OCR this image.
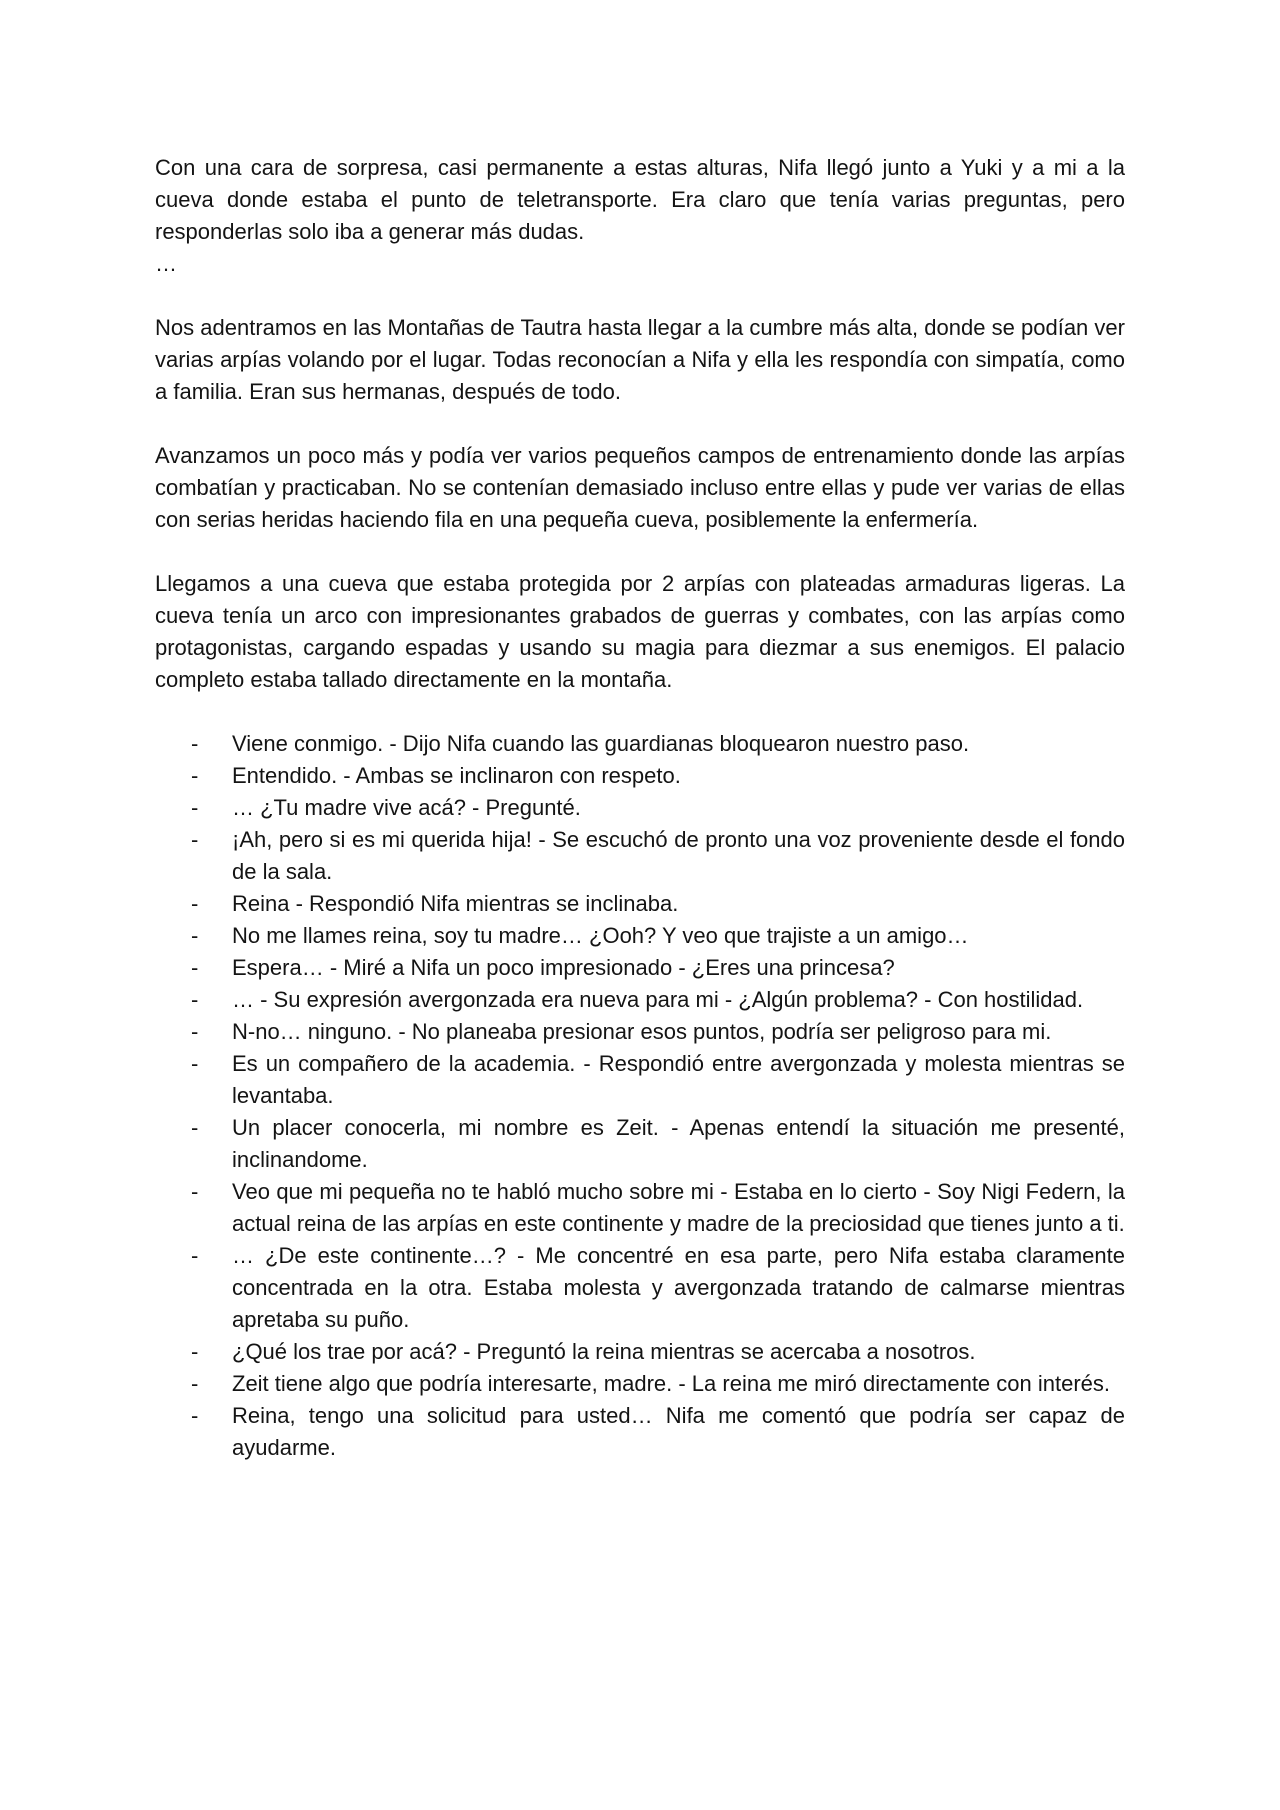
Con una cara de sorpresa, casi permanente a estas alturas, Nifa llegó junto a Yuki y a mi a la cueva donde estaba el punto de teletransporte. Era claro que tenía varias preguntas, pero responderlas solo iba a generar más dudas.

…

Nos adentramos en las Montañas de Tautra hasta llegar a la cumbre más alta, donde se podían ver varias arpías volando por el lugar. Todas reconocían a Nifa y ella les respondía con simpatía, como a familia. Eran sus hermanas, después de todo.

Avanzamos un poco más y podía ver varios pequeños campos de entrenamiento donde las arpías combatían y practicaban. No se contenían demasiado incluso entre ellas y pude ver varias de ellas con serias heridas haciendo fila en una pequeña cueva, posiblemente la enfermería.

Llegamos a una cueva que estaba protegida por 2 arpías con plateadas armaduras ligeras. La cueva tenía un arco con impresionantes grabados de guerras y combates, con las arpías como protagonistas, cargando espadas y usando su magia para diezmar a sus enemigos. El palacio completo estaba tallado directamente en la montaña.

- Viene conmigo. - Dijo Nifa cuando las guardianas bloquearon nuestro paso.
- Entendido. - Ambas se inclinaron con respeto.
- … ¿Tu madre vive acá? - Pregunté.
- ¡Ah, pero si es mi querida hija! - Se escuchó de pronto una voz proveniente desde el fondo de la sala.
- Reina - Respondió Nifa mientras se inclinaba.
- No me llames reina, soy tu madre… ¿Ooh? Y veo que trajiste a un amigo…
- Espera… - Miré a Nifa un poco impresionado - ¿Eres una princesa?
- … - Su expresión avergonzada era nueva para mi - ¿Algún problema? - Con hostilidad.
- N-no… ninguno. - No planeaba presionar esos puntos, podría ser peligroso para mi.
- Es un compañero de la academia. - Respondió entre avergonzada y molesta mientras se levantaba.
- Un placer conocerla, mi nombre es Zeit. - Apenas entendí la situación me presenté, inclinandome.
- Veo que mi pequeña no te habló mucho sobre mi - Estaba en lo cierto - Soy Nigi Federn, la actual reina de las arpías en este continente y madre de la preciosidad que tienes junto a ti.
- … ¿De este continente…? - Me concentré en esa parte, pero Nifa estaba claramente concentrada en la otra. Estaba molesta y avergonzada tratando de calmarse mientras apretaba su puño.
- ¿Qué los trae por acá? - Preguntó la reina mientras se acercaba a nosotros.
- Zeit tiene algo que podría interesarte, madre. - La reina me miró directamente con interés.
- Reina, tengo una solicitud para usted… Nifa me comentó que podría ser capaz de ayudarme.
